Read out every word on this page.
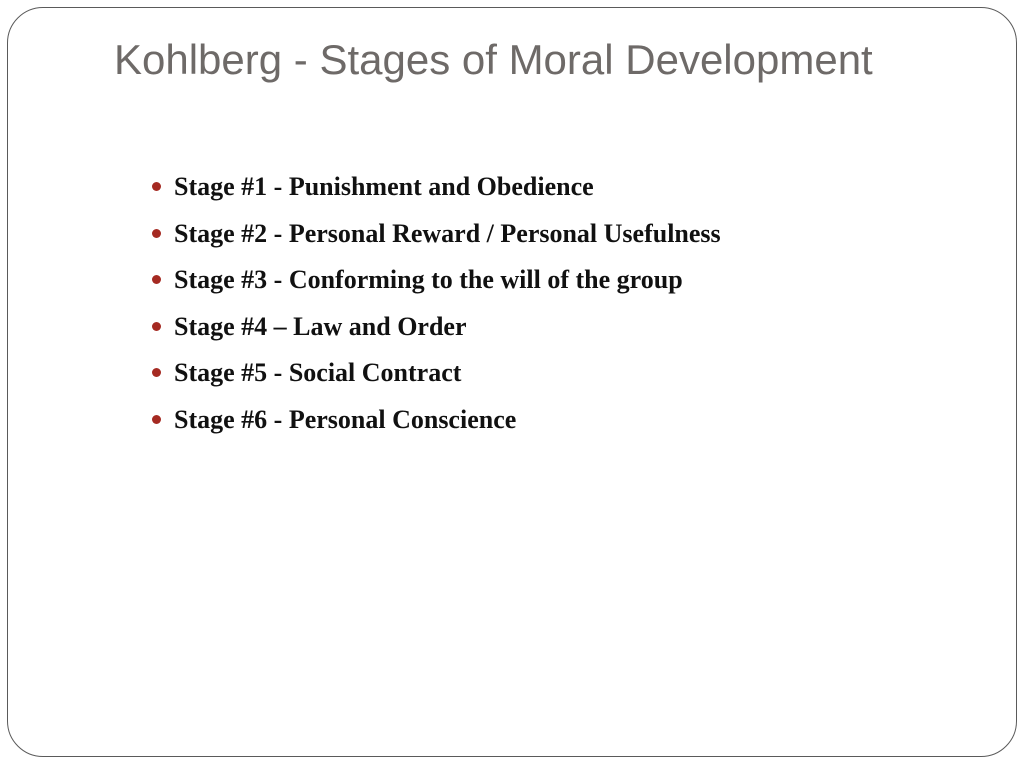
Kohlberg - Stages of Moral Development
Stage #1 - Punishment and Obedience
Stage #2 - Personal Reward / Personal Usefulness
Stage #3 - Conforming to the will of the group
Stage #4 – Law and Order
Stage #5 - Social Contract
Stage #6 - Personal Conscience
